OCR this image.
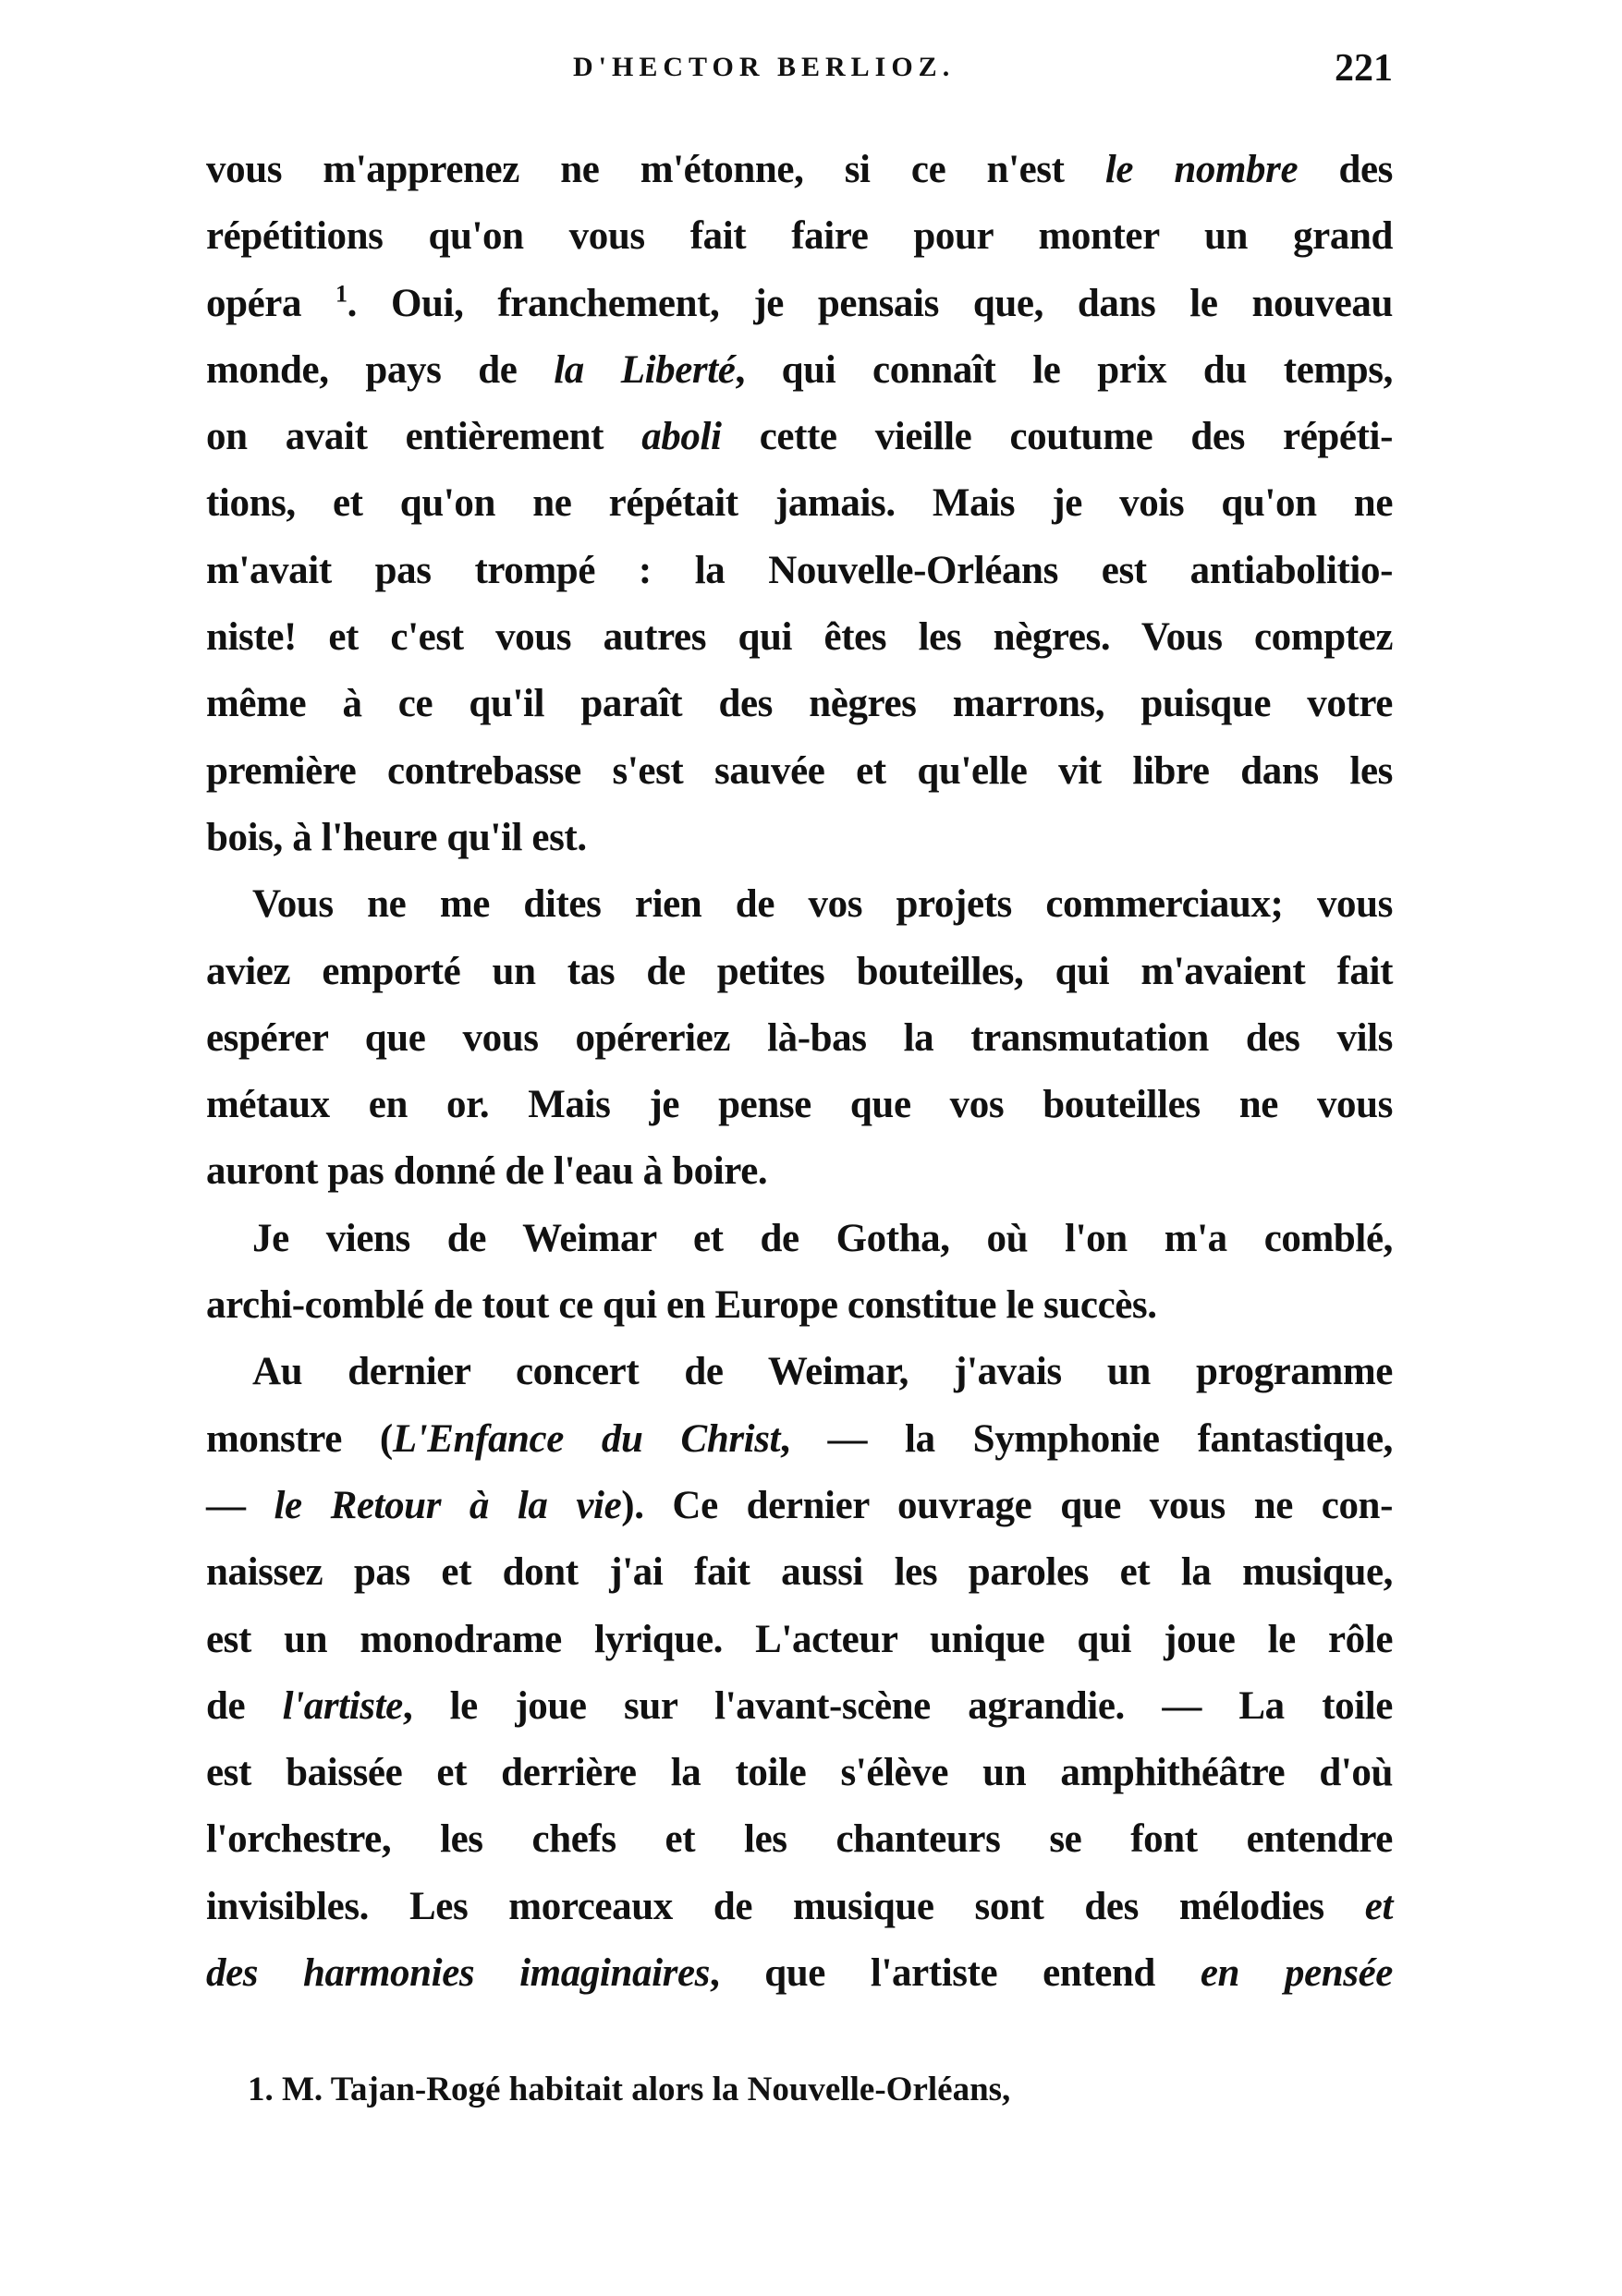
D'HECTOR BERLIOZ.	221
vous m'apprenez ne m'étonne, si ce n'est le nombre des
répétitions qu'on vous fait faire pour monter un grand
opéra $^1$. Oui, franchement, je pensais que, dans le nouveau
monde, pays de la Liberté, qui connaît le prix du temps,
on avait entièrement aboli cette vieille coutume des répéti-
tions, et qu'on ne répétait jamais. Mais je vois qu'on ne
m'avait pas trompé : la Nouvelle-Orléans est antiabolitio-
niste! et c'est vous autres qui êtes les nègres. Vous comptez
même à ce qu'il paraît des nègres marrons, puisque votre
première contrebasse s'est sauvée et qu'elle vit libre dans les
bois, à l'heure qu'il est.
Vous ne me dites rien de vos projets commerciaux; vous
aviez emporté un tas de petites bouteilles, qui m'avaient fait
espérer que vous opéreriez là-bas la transmutation des vils
métaux en or. Mais je pense que vos bouteilles ne vous
auront pas donné de l'eau à boire.
Je viens de Weimar et de Gotha, où l'on m'a comblé,
archi-comblé de tout ce qui en Europe constitue le succès.
Au dernier concert de Weimar, j'avais un programme
monstre (L'Enfance du Christ, — la Symphonie fantastique,
— le Retour à la vie). Ce dernier ouvrage que vous ne con-
naissez pas et dont j'ai fait aussi les paroles et la musique,
est un monodrame lyrique. L'acteur unique qui joue le rôle
de l'artiste, le joue sur l'avant-scène agrandie. — La toile
est baissée et derrière la toile s'élève un amphithéâtre d'où
l'orchestre, les chefs et les chanteurs se font entendre
invisibles. Les morceaux de musique sont des mélodies et
des harmonies imaginaires, que l'artiste entend en pensée
1. M. Tajan-Rogé habitait alors la Nouvelle-Orléans,
